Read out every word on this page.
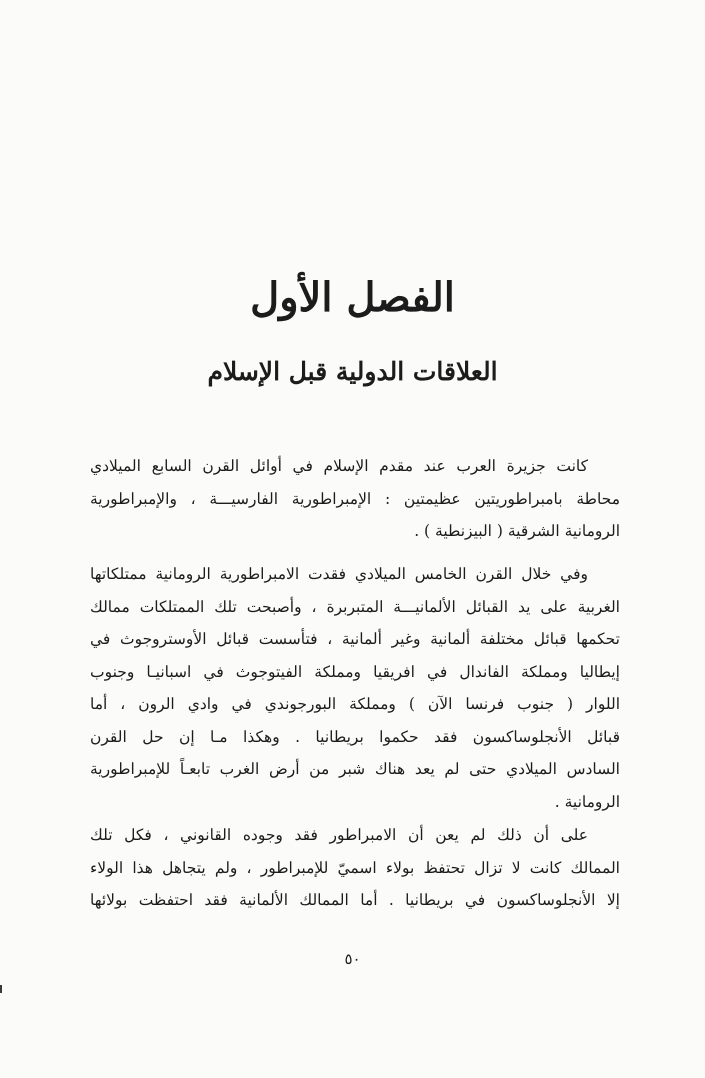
الفصل الأول
العلاقات الدولية قبل الإسلام
كانت جزيرة العرب عند مقدم الإسلام في أوائل القرن السابع الميلادي
محاطة بامبراطوريتين عظيمتين : الإمبراطورية الفارسيـــة ، والإمبراطورية
الرومانية الشرقية ( البيزنطية ) .
وفي خلال القرن الخامس الميلادي فقدت الامبراطورية الرومانية ممتلكاتها
الغربية على يد القبائل الألمانيـــة المتبربرة ، وأصبحت تلك الممتلكات ممالك
تحكمها قبائل مختلفة ألمانية وغير ألمانية ، فتأسست قبائل الأوستروجوث في
إيطاليا ومملكة الفاندال في افريقيا ومملكة الفيتوجوث في اسبانيـا وجنوب
اللوار ( جنوب فرنسا الآن ) ومملكة البورجوندي في وادي الرون ، أما
قبائل الأنجلوساكسون فقد حكموا بريطانيا . وهكذا مـا إن حل القرن
السادس الميلادي حتى لم يعد هناك شبر من أرض الغرب تابعـاً للإمبراطورية
الرومانية .
على أن ذلك لم يعن أن الامبراطور فقد وجوده القانوني ، فكل تلك
الممالك كانت لا تزال تحتفظ بولاء اسميّ للإمبراطور ، ولم يتجاهل هذا الولاء
إلا الأنجلوساكسون في بريطانيا . أما الممالك الألمانية فقد احتفظت بولائها
٥٠
